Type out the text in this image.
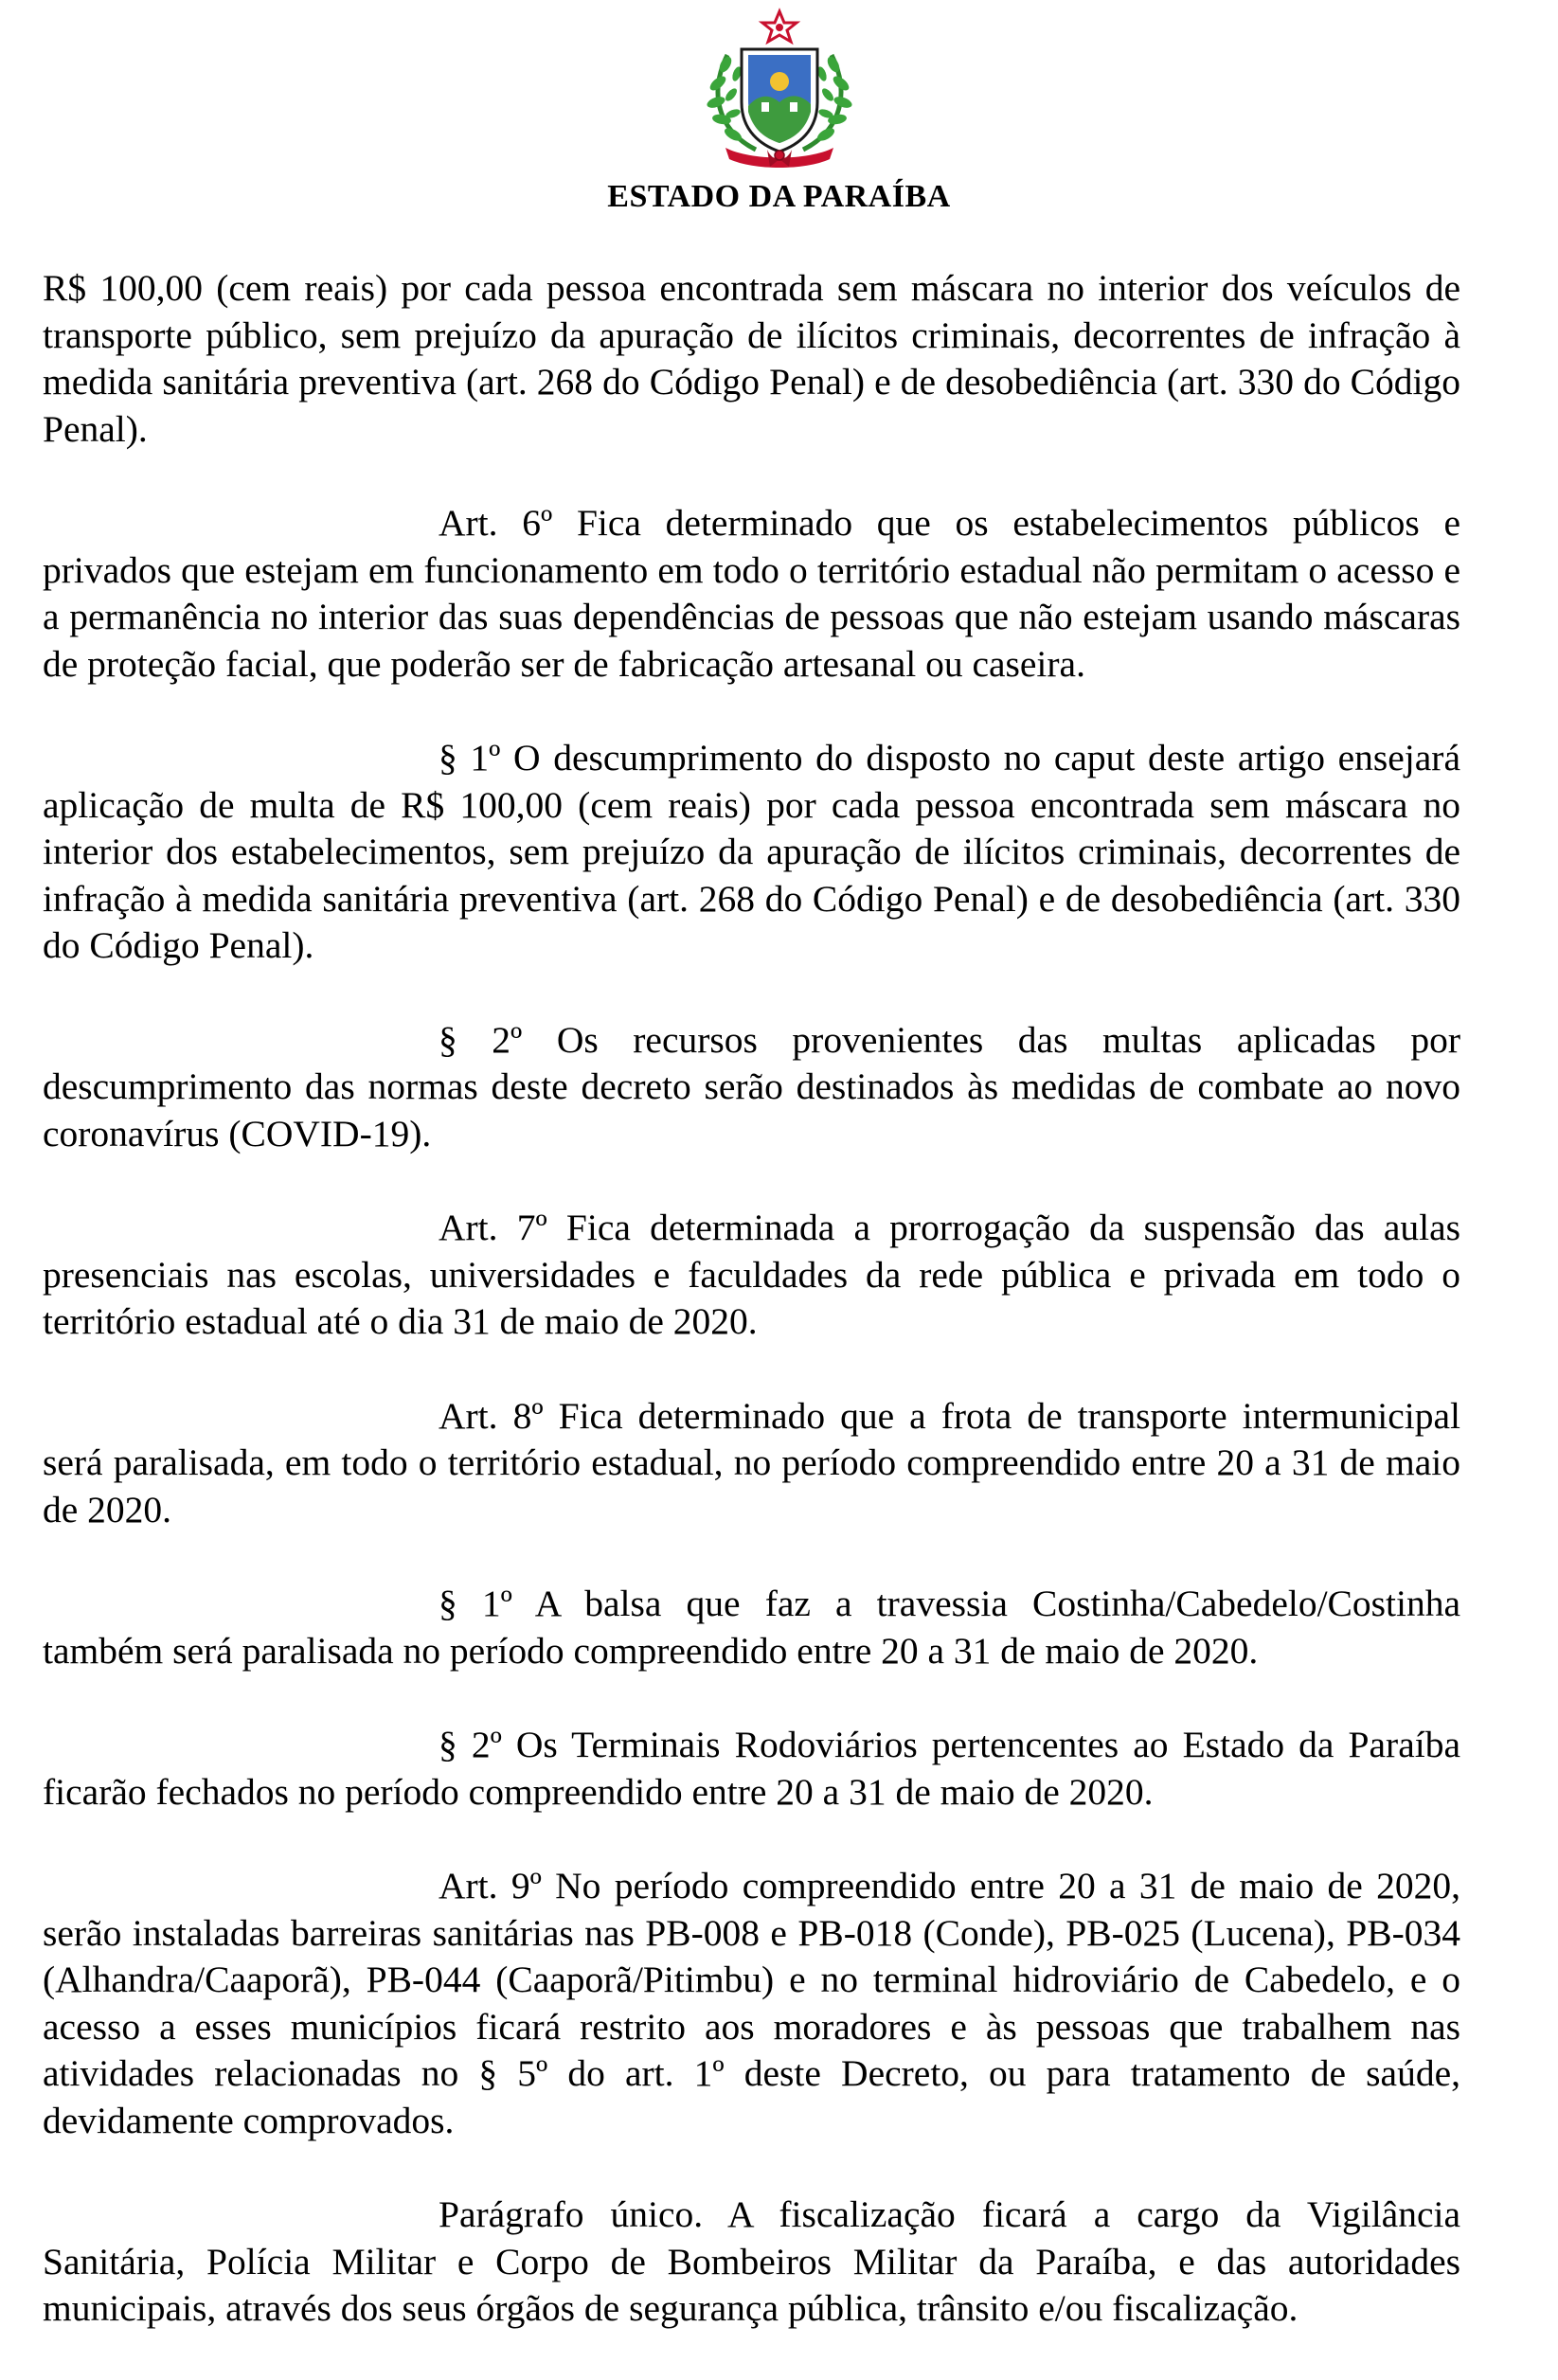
ESTADO DA PARAÍBA

R$ 100,00 (cem reais) por cada pessoa encontrada sem máscara no interior dos veículos de transporte público, sem prejuízo da apuração de ilícitos criminais, decorrentes de infração à medida sanitária preventiva (art. 268 do Código Penal) e de desobediência (art. 330 do Código Penal).

Art. 6º Fica determinado que os estabelecimentos públicos e privados que estejam em funcionamento em todo o território estadual não permitam o acesso e a permanência no interior das suas dependências de pessoas que não estejam usando máscaras de proteção facial, que poderão ser de fabricação artesanal ou caseira.

§ 1º O descumprimento do disposto no caput deste artigo ensejará aplicação de multa de R$ 100,00 (cem reais) por cada pessoa encontrada sem máscara no interior dos estabelecimentos, sem prejuízo da apuração de ilícitos criminais, decorrentes de infração à medida sanitária preventiva (art. 268 do Código Penal) e de desobediência (art. 330 do Código Penal).

§ 2º Os recursos provenientes das multas aplicadas por descumprimento das normas deste decreto serão destinados às medidas de combate ao novo coronavírus (COVID-19).

Art. 7º Fica determinada a prorrogação da suspensão das aulas presenciais nas escolas, universidades e faculdades da rede pública e privada em todo o território estadual até o dia 31 de maio de 2020.

Art. 8º Fica determinado que a frota de transporte intermunicipal será paralisada, em todo o território estadual, no período compreendido entre 20 a 31 de maio de 2020.

§ 1º A balsa que faz a travessia Costinha/Cabedelo/Costinha também será paralisada no período compreendido entre 20 a 31 de maio de 2020.

§ 2º Os Terminais Rodoviários pertencentes ao Estado da Paraíba ficarão fechados no período compreendido entre 20 a 31 de maio de 2020.

Art. 9º No período compreendido entre 20 a 31 de maio de 2020, serão instaladas barreiras sanitárias nas PB-008 e PB-018 (Conde), PB-025 (Lucena), PB-034 (Alhandra/Caaporã), PB-044 (Caaporã/Pitimbu) e no terminal hidroviário de Cabedelo, e o acesso a esses municípios ficará restrito aos moradores e às pessoas que trabalhem nas atividades relacionadas no § 5º do art. 1º deste Decreto, ou para tratamento de saúde, devidamente comprovados.

Parágrafo único. A fiscalização ficará a cargo da Vigilância Sanitária, Polícia Militar e Corpo de Bombeiros Militar da Paraíba, e das autoridades municipais, através dos seus órgãos de segurança pública, trânsito e/ou fiscalização.
